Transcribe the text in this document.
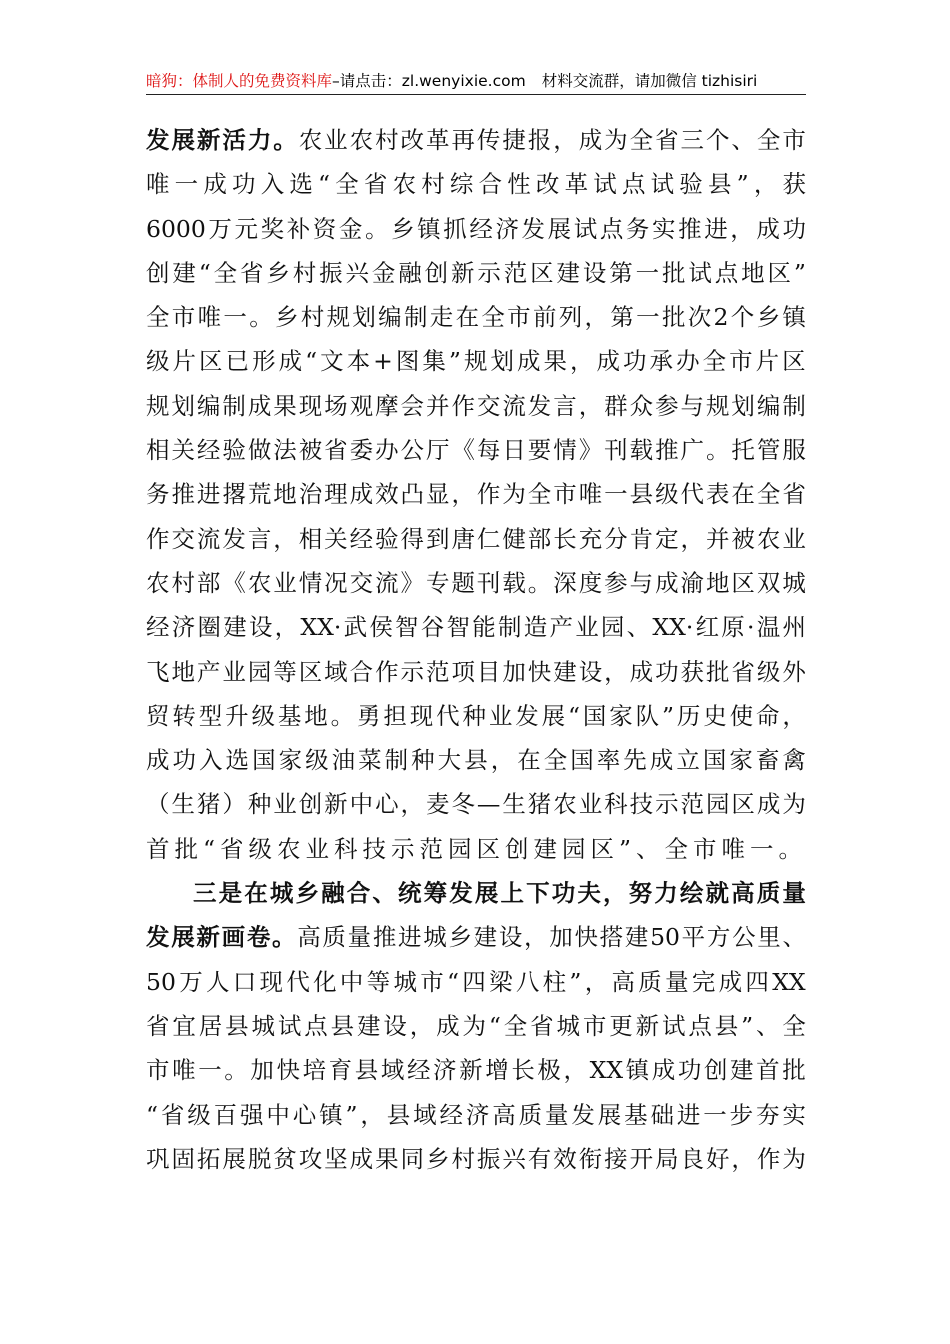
暗狗：体制人的免费资料库–请点击：zl.wenyixie.com 材料交流群，请加微信 tizhisiri
发 展 新 活 力 。 农 业 农 村 改 革 再 传 捷 报 ， 成 为 全 省 三 个 、 全 市
唯 一 成 功 入 选 “ 全 省 农 村 综 合 性 改 革 试 点 试 验 县 ” ， 获
6000 万 元 奖 补 资 金 。 乡 镇 抓 经 济 发 展 试 点 务 实 推 进 ， 成 功
创 建 “ 全 省 乡 村 振 兴 金 融 创 新 示 范 区 建 设 第 一 批 试 点 地 区 ”
全 市 唯 一 。 乡 村 规 划 编 制 走 在 全 市 前 列 ， 第 一 批 次 2 个 乡 镇
级 片 区 已 形 成 “ 文 本 + 图 集 ” 规 划 成 果 ， 成 功 承 办 全 市 片 区
规 划 编 制 成 果 现 场 观 摩 会 并 作 交 流 发 言 ， 群 众 参 与 规 划 编 制
相 关 经 验 做 法 被 省 委 办 公 厅 《 每 日 要 情 》 刊 载 推 广 。 托 管 服
务 推 进 撂 荒 地 治 理 成 效 凸 显 ， 作 为 全 市 唯 一 县 级 代 表 在 全 省
作 交 流 发 言 ， 相 关 经 验 得 到 唐 仁 健 部 长 充 分 肯 定 ， 并 被 农 业
农 村 部 《 农 业 情 况 交 流 》 专 题 刊 载 。 深 度 参 与 成 渝 地 区 双 城
经 济 圈 建 设 ， XX· 武 侯 智 谷 智 能 制 造 产 业 园 、 XX· 红 原 · 温 州
飞 地 产 业 园 等 区 域 合 作 示 范 项 目 加 快 建 设 ， 成 功 获 批 省 级 外
贸 转 型 升 级 基 地 。 勇 担 现 代 种 业 发 展 “ 国 家 队 ” 历 史 使 命 ，
成 功 入 选 国 家 级 油 菜 制 种 大 县 ， 在 全 国 率 先 成 立 国 家 畜 禽
（ 生 猪 ） 种 业 创 新 中 心 ， 麦 冬 — 生 猪 农 业 科 技 示 范 园 区 成 为
首 批 “ 省 级 农 业 科 技 示 范 园 区 创 建 园 区 ” 、 全 市 唯 一 。
三 是 在 城 乡 融 合 、 统 筹 发 展 上 下 功 夫 ， 努 力 绘 就 高 质 量
发 展 新 画 卷 。 高 质 量 推 进 城 乡 建 设 ， 加 快 搭 建 50 平 方 公 里 、
50 万 人 口 现 代 化 中 等 城 市 “ 四 梁 八 柱 ” ， 高 质 量 完 成 四 XX
省 宜 居 县 城 试 点 县 建 设 ， 成 为 “ 全 省 城 市 更 新 试 点 县 ” 、 全
市 唯 一 。 加 快 培 育 县 域 经 济 新 增 长 极 ， XX 镇 成 功 创 建 首 批
“ 省 级 百 强 中 心 镇 ” ， 县 域 经 济 高 质 量 发 展 基 础 进 一 步 夯 实
巩 固 拓 展 脱 贫 攻 坚 成 果 同 乡 村 振 兴 有 效 衔 接 开 局 良 好 ， 作 为
